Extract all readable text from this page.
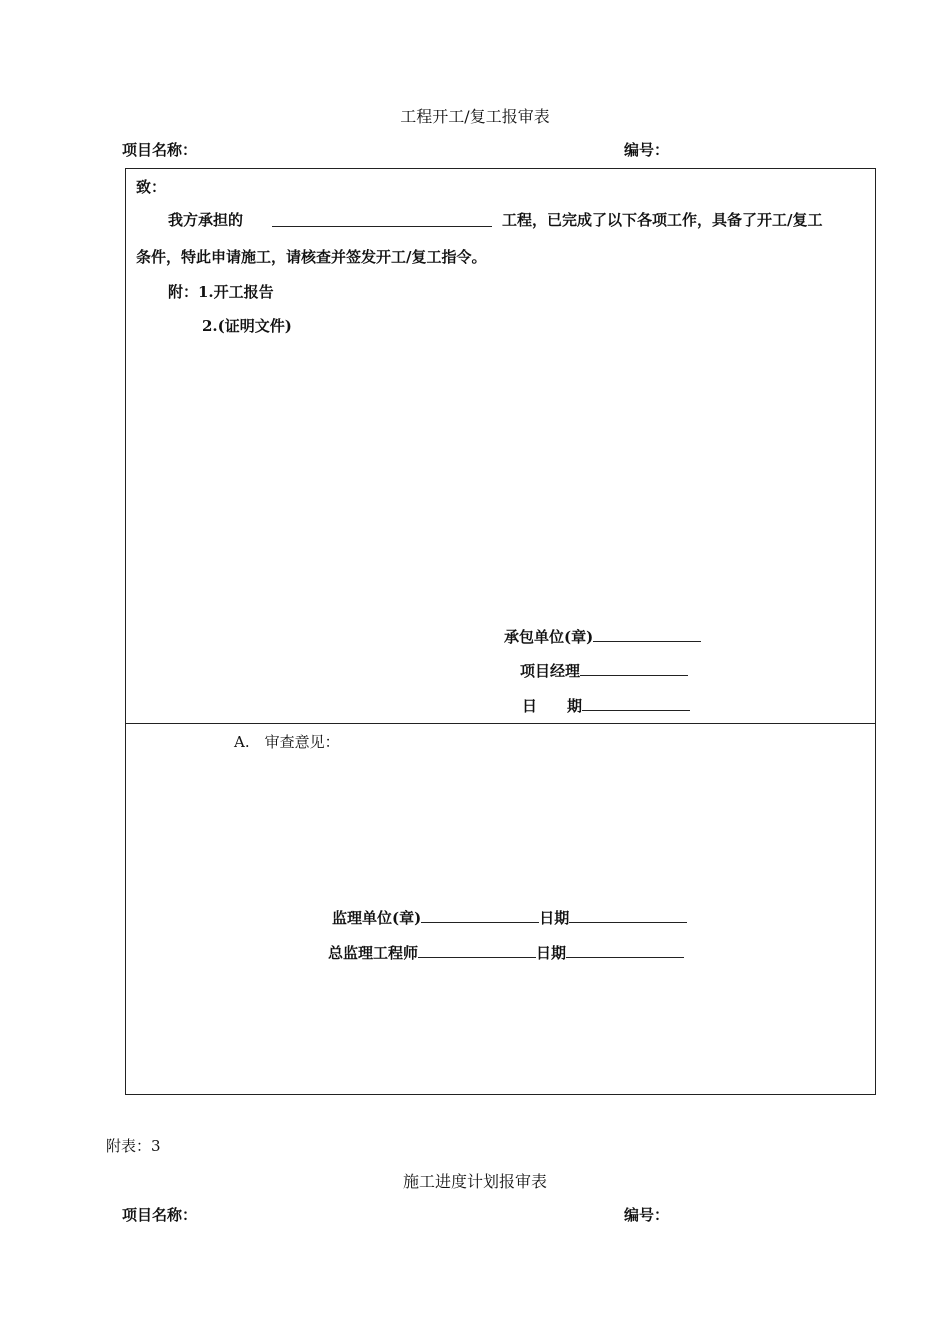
工程开工/复工报审表
项目名称：	编号：
致：
我方承担的	工程，已完成了以下各项工作，具备了开工/复工
条件，特此申请施工，请核查并签发开工/复工指令。
附：1.开工报告
2.(证明文件)
承包单位(章)
项目经理
日　　期
A.　审查意见：
监理单位(章)	日期
总监理工程师	日期
附表：3
施工进度计划报审表
项目名称：	编号：
